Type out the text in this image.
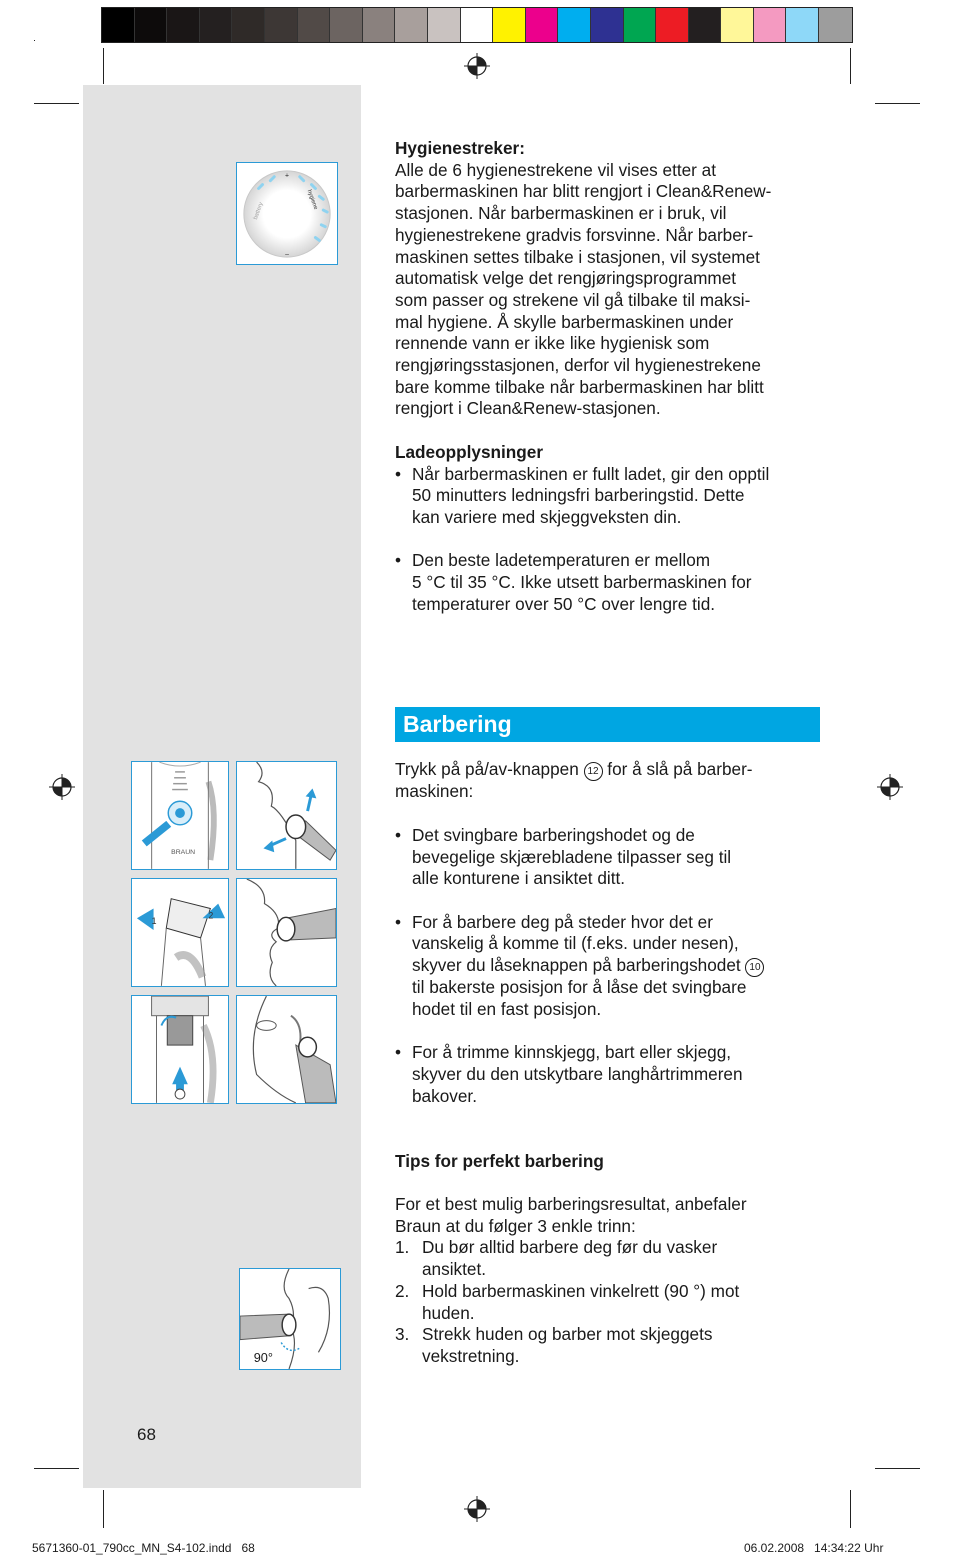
+
–
battery
hygiene
BRAUN
1
2
90°

Hygienestreker:

Alle de 6 hygienestrekene vil vises etter at

barbermaskinen har blitt rengjort i Clean&Renew-

stasjonen. Når barbermaskinen er i bruk, vil

hygienestrekene gradvis forsvinne. Når barber-

maskinen settes tilbake i stasjonen, vil systemet

automatisk velge det rengjøringsprogrammet

som passer og strekene vil gå tilbake til maksi-

mal hygiene. Å skylle barbermaskinen under

rennende vann er ikke like hygienisk som

rengjøringsstasjonen, derfor vil hygienestrekene

bare komme tilbake når barbermaskinen har blitt

rengjort i Clean&Renew-stasjonen.

Ladeopplysninger

• Når barbermaskinen er fullt ladet, gir den opptil

50 minutters ledningsfri barberingstid. Dette

kan variere med skjeggveksten din.

• Den beste ladetemperaturen er mellom

5 °C til 35 °C. Ikke utsett barbermaskinen for

temperaturer over 50 °C over lengre tid.

Barbering

Trykk på på/av-knappen 12 for å slå på barber-

maskinen:

• Det svingbare barberingshodet og de

bevegelige skjærebladene tilpasser seg til

alle konturene i ansiktet ditt.

• For å barbere deg på steder hvor det er

vanskelig å komme til (f.eks. under nesen),

skyver du låseknappen på barberingshodet 10

til bakerste posisjon for å låse det svingbare

hodet til en fast posisjon.

• For å trimme kinnskjegg, bart eller skjegg,

skyver du den utskytbare langhårtrimmeren

bakover.

Tips for perfekt barbering

For et best mulig barberingsresultat, anbefaler

Braun at du følger 3 enkle trinn:

1. Du bør alltid barbere deg før du vasker

ansiktet.

2. Hold barbermaskinen vinkelrett (90 °) mot

huden.

3. Strekk huden og barber mot skjeggets

vekstretning.

68
5671360-01_790cc_MN_S4-102.indd   68	06.02.2008   14:34:22 Uhr
